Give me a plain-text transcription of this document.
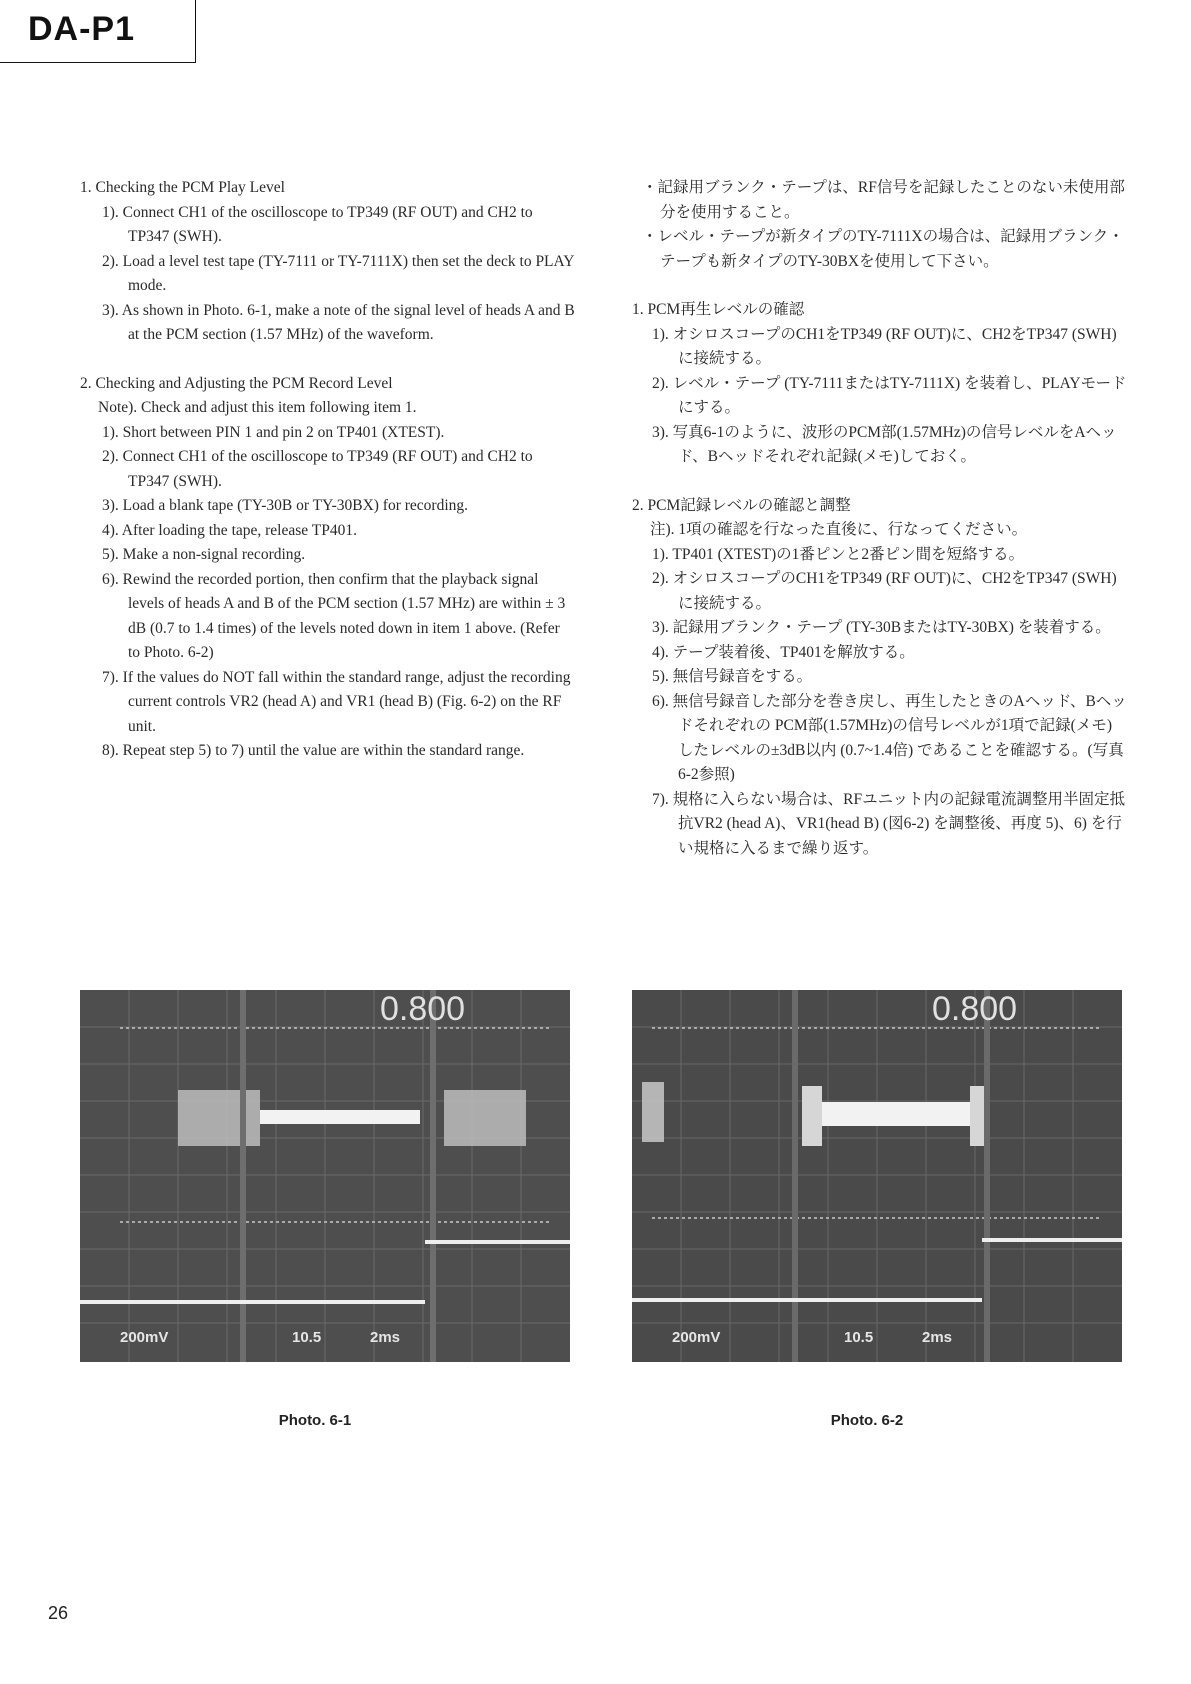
DA-P1

1. Checking the PCM Play Level

1). Connect CH1 of the oscilloscope to TP349 (RF OUT) and CH2 to TP347 (SWH).

2). Load a level test tape (TY-7111 or TY-7111X) then set the deck to PLAY mode.

3). As shown in Photo. 6-1, make a note of the signal level of heads A and B at the PCM section (1.57 MHz) of the waveform.

2. Checking and Adjusting the PCM Record Level

Note). Check and adjust this item following item 1.

1). Short between PIN 1 and pin 2 on TP401 (XTEST).

2). Connect CH1 of the oscilloscope to TP349 (RF OUT) and CH2 to TP347 (SWH).

3). Load a blank tape (TY-30B or TY-30BX) for recording.

4). After loading the tape, release TP401.

5). Make a non-signal recording.

6). Rewind the recorded portion, then confirm that the playback signal levels of heads A and B of the PCM section (1.57 MHz) are within ± 3 dB (0.7 to 1.4 times) of the levels noted down in item 1 above. (Refer to Photo. 6-2)

7). If the values do NOT fall within the standard range, adjust the recording current controls VR2 (head A) and VR1 (head B) (Fig. 6-2) on the RF unit.

8). Repeat step 5) to 7) until the value are within the standard range.

・記録用ブランク・テープは、RF信号を記録したことのない未使用部分を使用すること。

・レベル・テープが新タイプのTY-7111Xの場合は、記録用ブランク・テープも新タイプのTY-30BXを使用して下さい。

1. PCM再生レベルの確認

1). オシロスコープのCH1をTP349 (RF OUT)に、CH2をTP347 (SWH)に接続する。

2). レベル・テープ (TY-7111またはTY-7111X) を装着し、PLAYモードにする。

3). 写真6-1のように、波形のPCM部(1.57MHz)の信号レベルをAヘッド、Bヘッドそれぞれ記録(メモ)しておく。

2. PCM記録レベルの確認と調整

注). 1項の確認を行なった直後に、行なってください。

1). TP401 (XTEST)の1番ピンと2番ピン間を短絡する。

2). オシロスコープのCH1をTP349 (RF OUT)に、CH2をTP347 (SWH)に接続する。

3). 記録用ブランク・テープ (TY-30BまたはTY-30BX) を装着する。

4). テープ装着後、TP401を解放する。

5). 無信号録音をする。

6). 無信号録音した部分を巻き戻し、再生したときのAヘッド、Bヘッドそれぞれの PCM部(1.57MHz)の信号レベルが1項で記録(メモ)したレベルの±3dB以内 (0.7~1.4倍) であることを確認する。(写真6-2参照)

7). 規格に入らない場合は、RFユニット内の記録電流調整用半固定抵抗VR2 (head A)、VR1(head B) (図6-2) を調整後、再度 5)、6) を行い規格に入るまで繰り返す。

0.800
200mV	10.5	2ms
Photo. 6-1
0.800
200mV	10.5	2ms
Photo. 6-2
26
